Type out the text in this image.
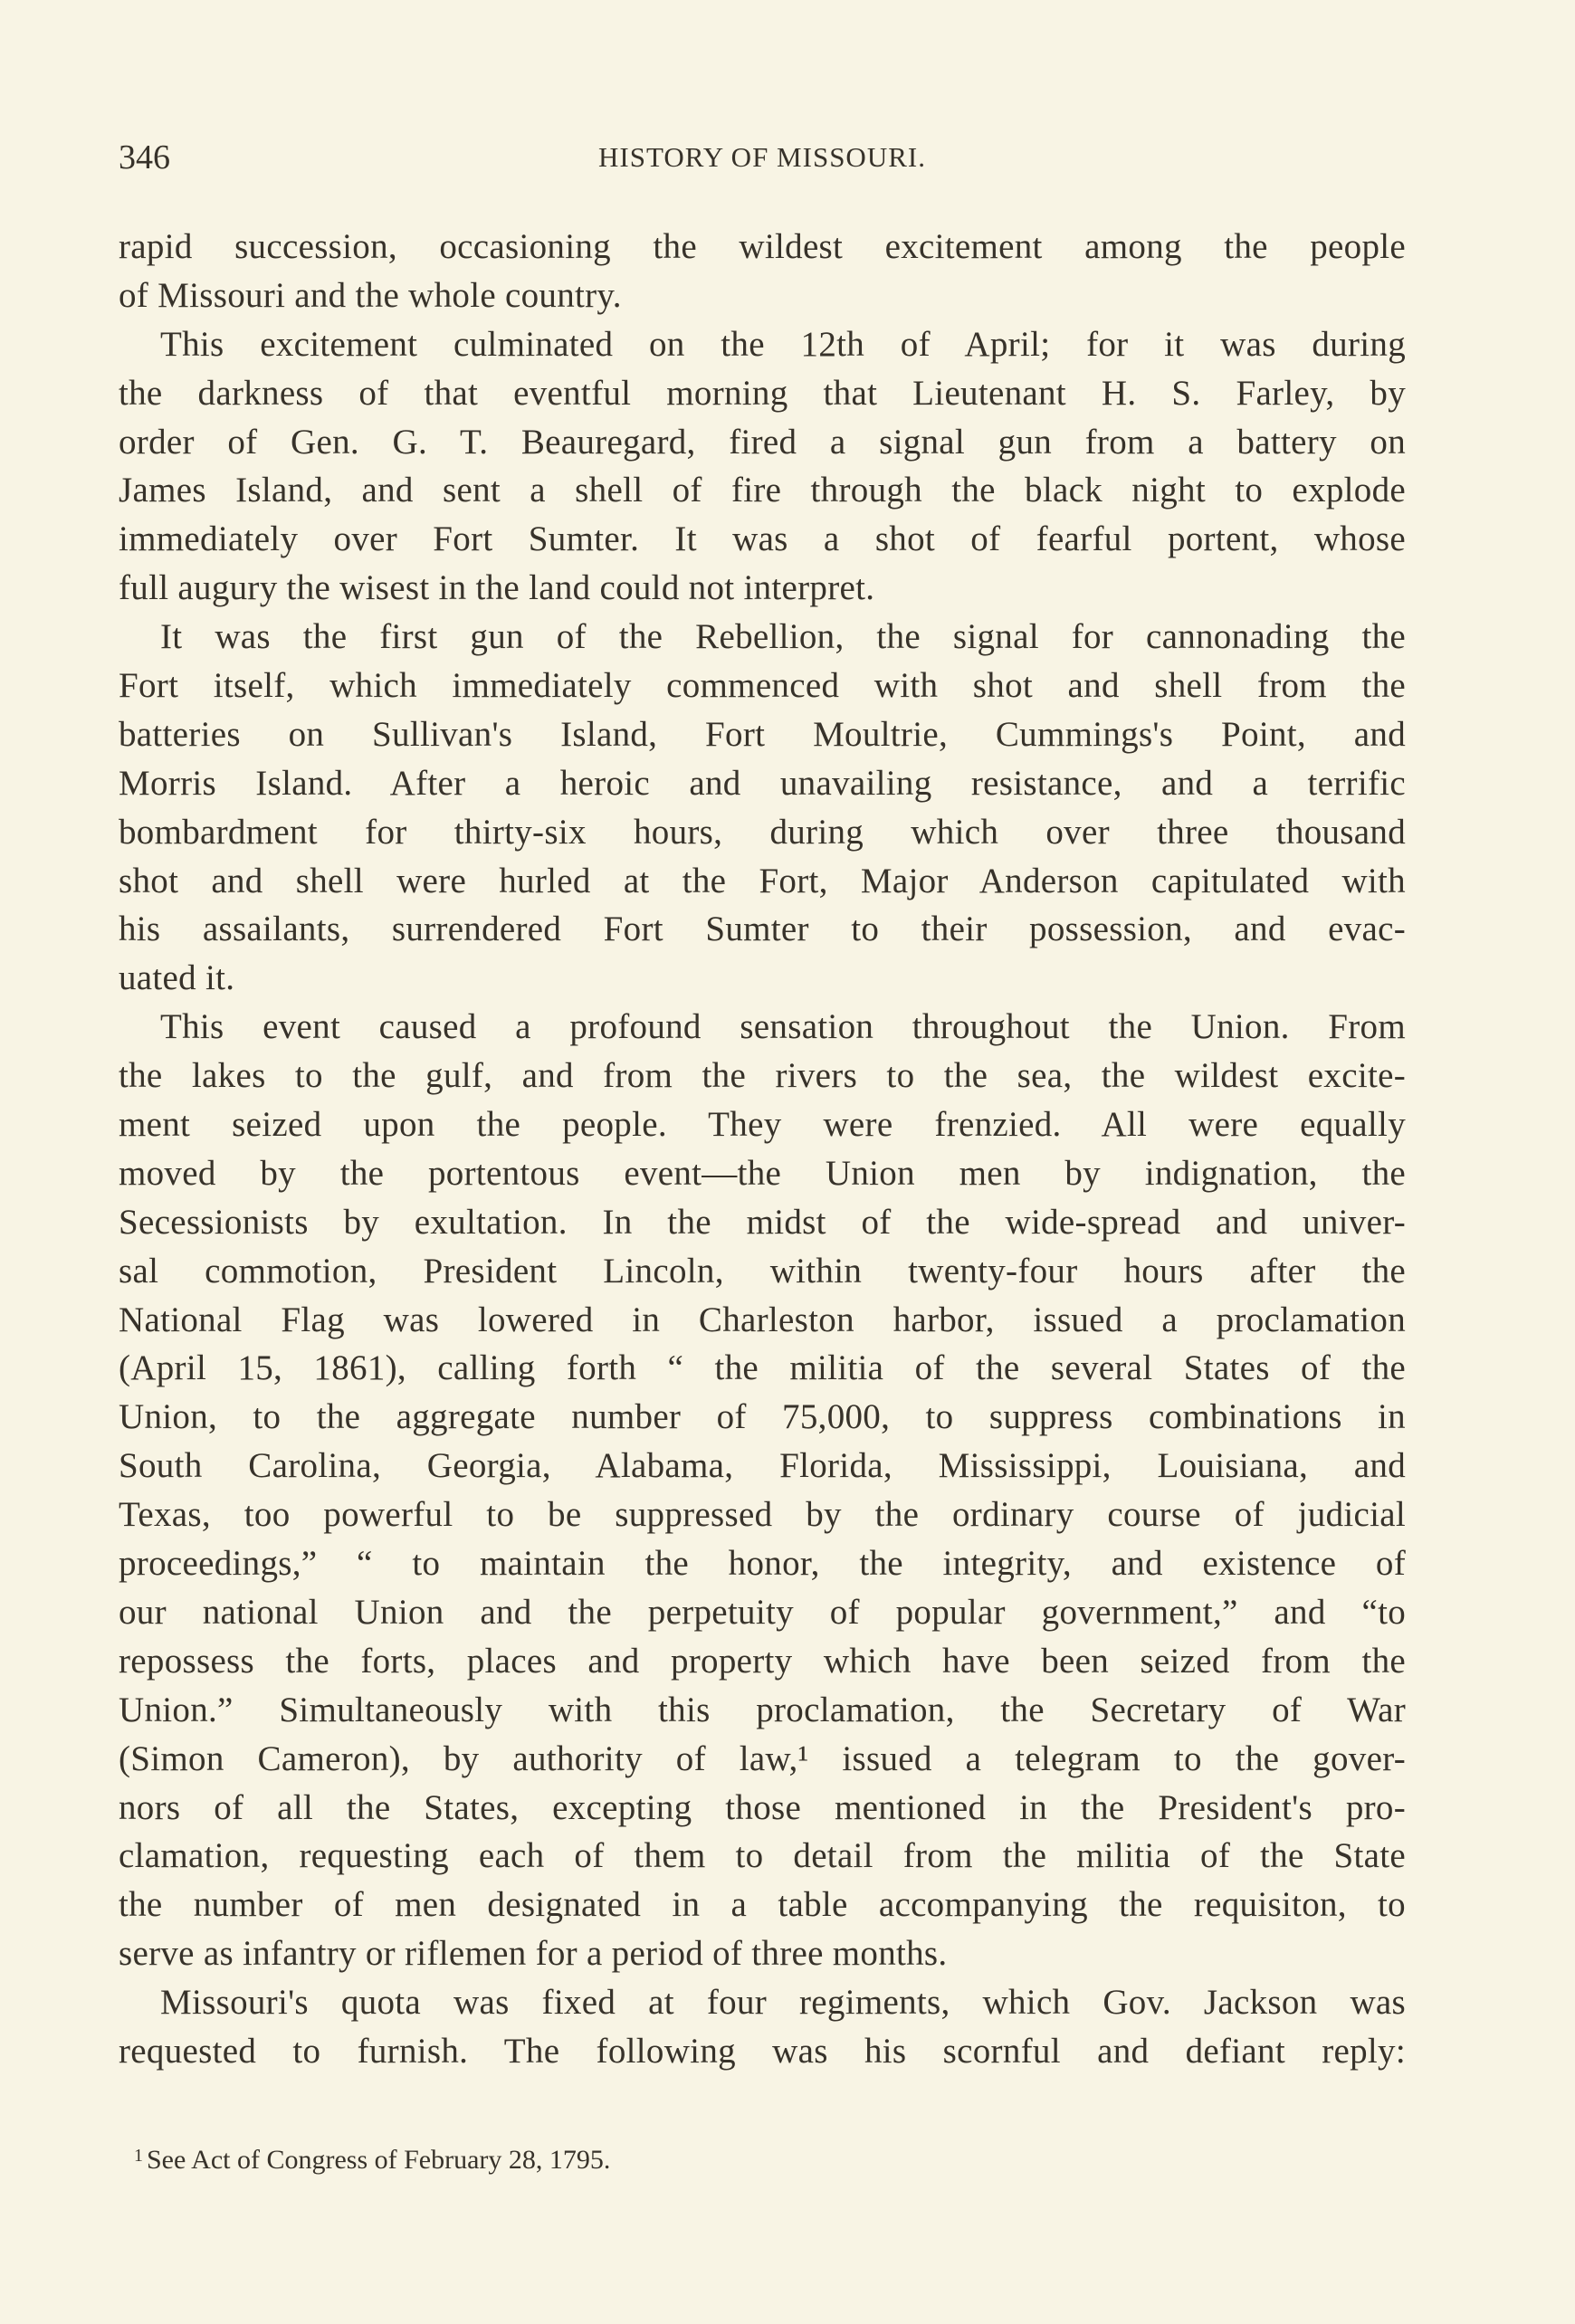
346	HISTORY OF MISSOURI.
rapid succession, occasioning the wildest excitement among the people
of Missouri and the whole country.
This excitement culminated on the 12th of April; for it was during
the darkness of that eventful morning that Lieutenant H. S. Farley, by
order of Gen. G. T. Beauregard, fired a signal gun from a battery on
James Island, and sent a shell of fire through the black night to explode
immediately over Fort Sumter. It was a shot of fearful portent, whose
full augury the wisest in the land could not interpret.
It was the first gun of the Rebellion, the signal for cannonading the
Fort itself, which immediately commenced with shot and shell from the
batteries on Sullivan's Island, Fort Moultrie, Cummings's Point, and
Morris Island. After a heroic and unavailing resistance, and a terrific
bombardment for thirty-six hours, during which over three thousand
shot and shell were hurled at the Fort, Major Anderson capitulated with
his assailants, surrendered Fort Sumter to their possession, and evac-
uated it.
This event caused a profound sensation throughout the Union. From
the lakes to the gulf, and from the rivers to the sea, the wildest excite-
ment seized upon the people. They were frenzied. All were equally
moved by the portentous event—the Union men by indignation, the
Secessionists by exultation. In the midst of the wide-spread and univer-
sal commotion, President Lincoln, within twenty-four hours after the
National Flag was lowered in Charleston harbor, issued a proclamation
(April 15, 1861), calling forth “ the militia of the several States of the
Union, to the aggregate number of 75,000, to suppress combinations in
South Carolina, Georgia, Alabama, Florida, Mississippi, Louisiana, and
Texas, too powerful to be suppressed by the ordinary course of judicial
proceedings,” “ to maintain the honor, the integrity, and existence of
our national Union and the perpetuity of popular government,” and “to
repossess the forts, places and property which have been seized from the
Union.” Simultaneously with this proclamation, the Secretary of War
(Simon Cameron), by authority of law,¹ issued a telegram to the gover-
nors of all the States, excepting those mentioned in the President's pro-
clamation, requesting each of them to detail from the militia of the State
the number of men designated in a table accompanying the requisiton, to
serve as infantry or riflemen for a period of three months.
Missouri's quota was fixed at four regiments, which Gov. Jackson was
requested to furnish. The following was his scornful and defiant reply:
$^1$ See Act of Congress of February 28, 1795.
